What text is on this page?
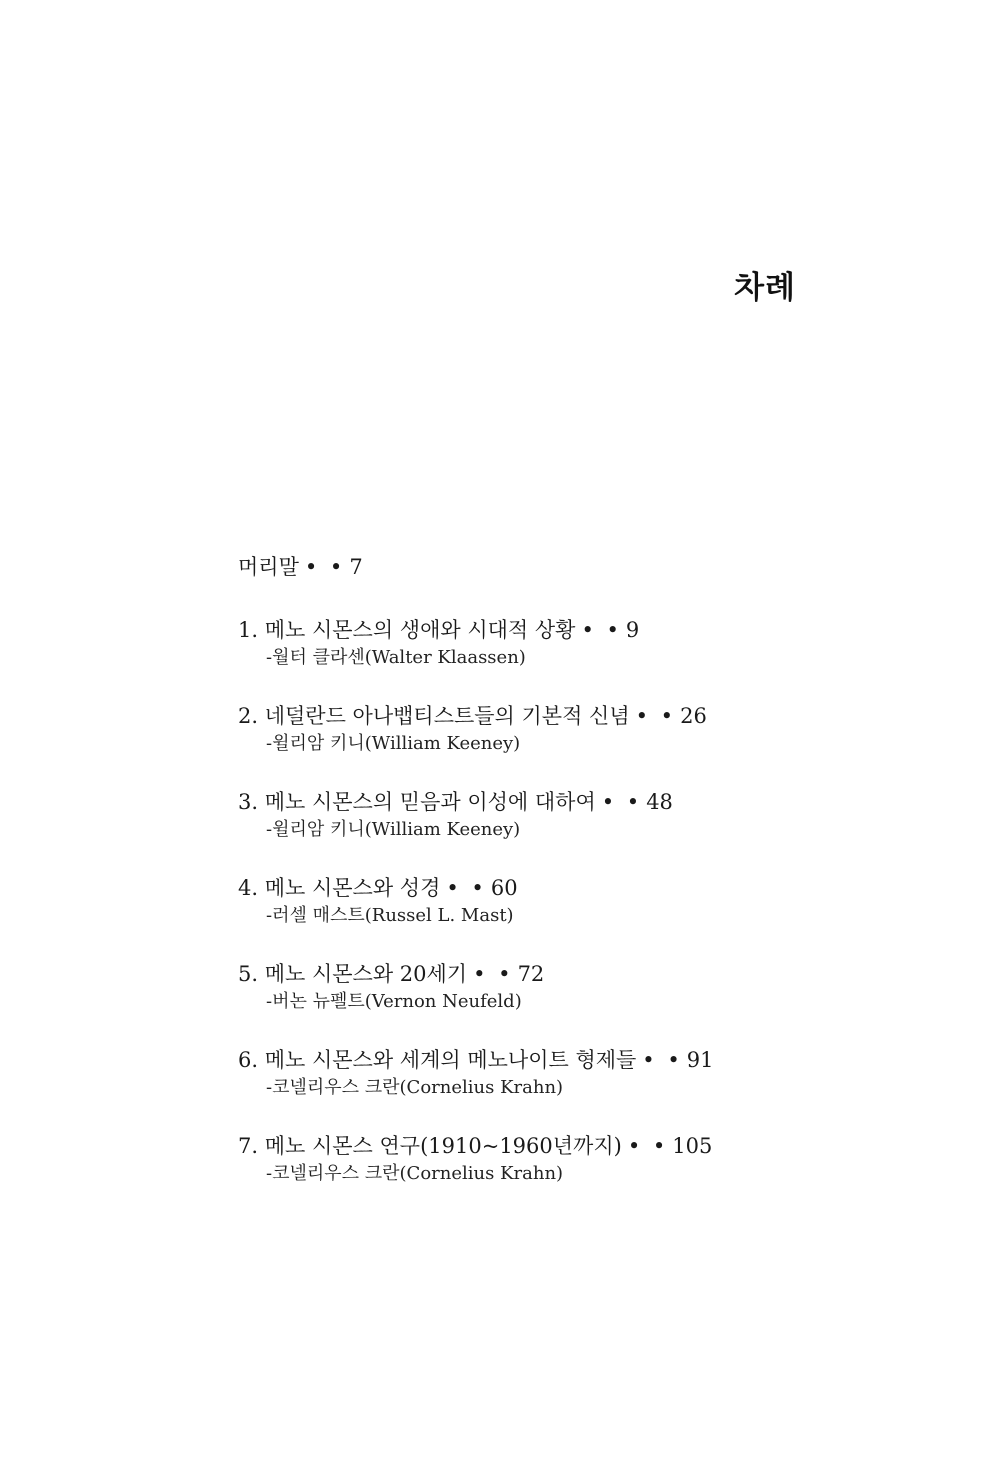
차례
머리말 • • 7
1. 메노 시몬스의 생애와 시대적 상황 • • 9
-월터 클라센(Walter Klaassen)
2. 네덜란드 아나뱁티스트들의 기본적 신념 • • 26
-윌리암 키니(William Keeney)
3. 메노 시몬스의 믿음과 이성에 대하여 • • 48
-윌리암 키니(William Keeney)
4. 메노 시몬스와 성경 • • 60
-러셀 매스트(Russel L. Mast)
5. 메노 시몬스와 20세기 • • 72
-버논 뉴펠트(Vernon Neufeld)
6. 메노 시몬스와 세계의 메노나이트 형제들 • • 91
-코넬리우스 크란(Cornelius Krahn)
7. 메노 시몬스 연구(1910~1960년까지) • • 105
-코넬리우스 크란(Cornelius Krahn)
